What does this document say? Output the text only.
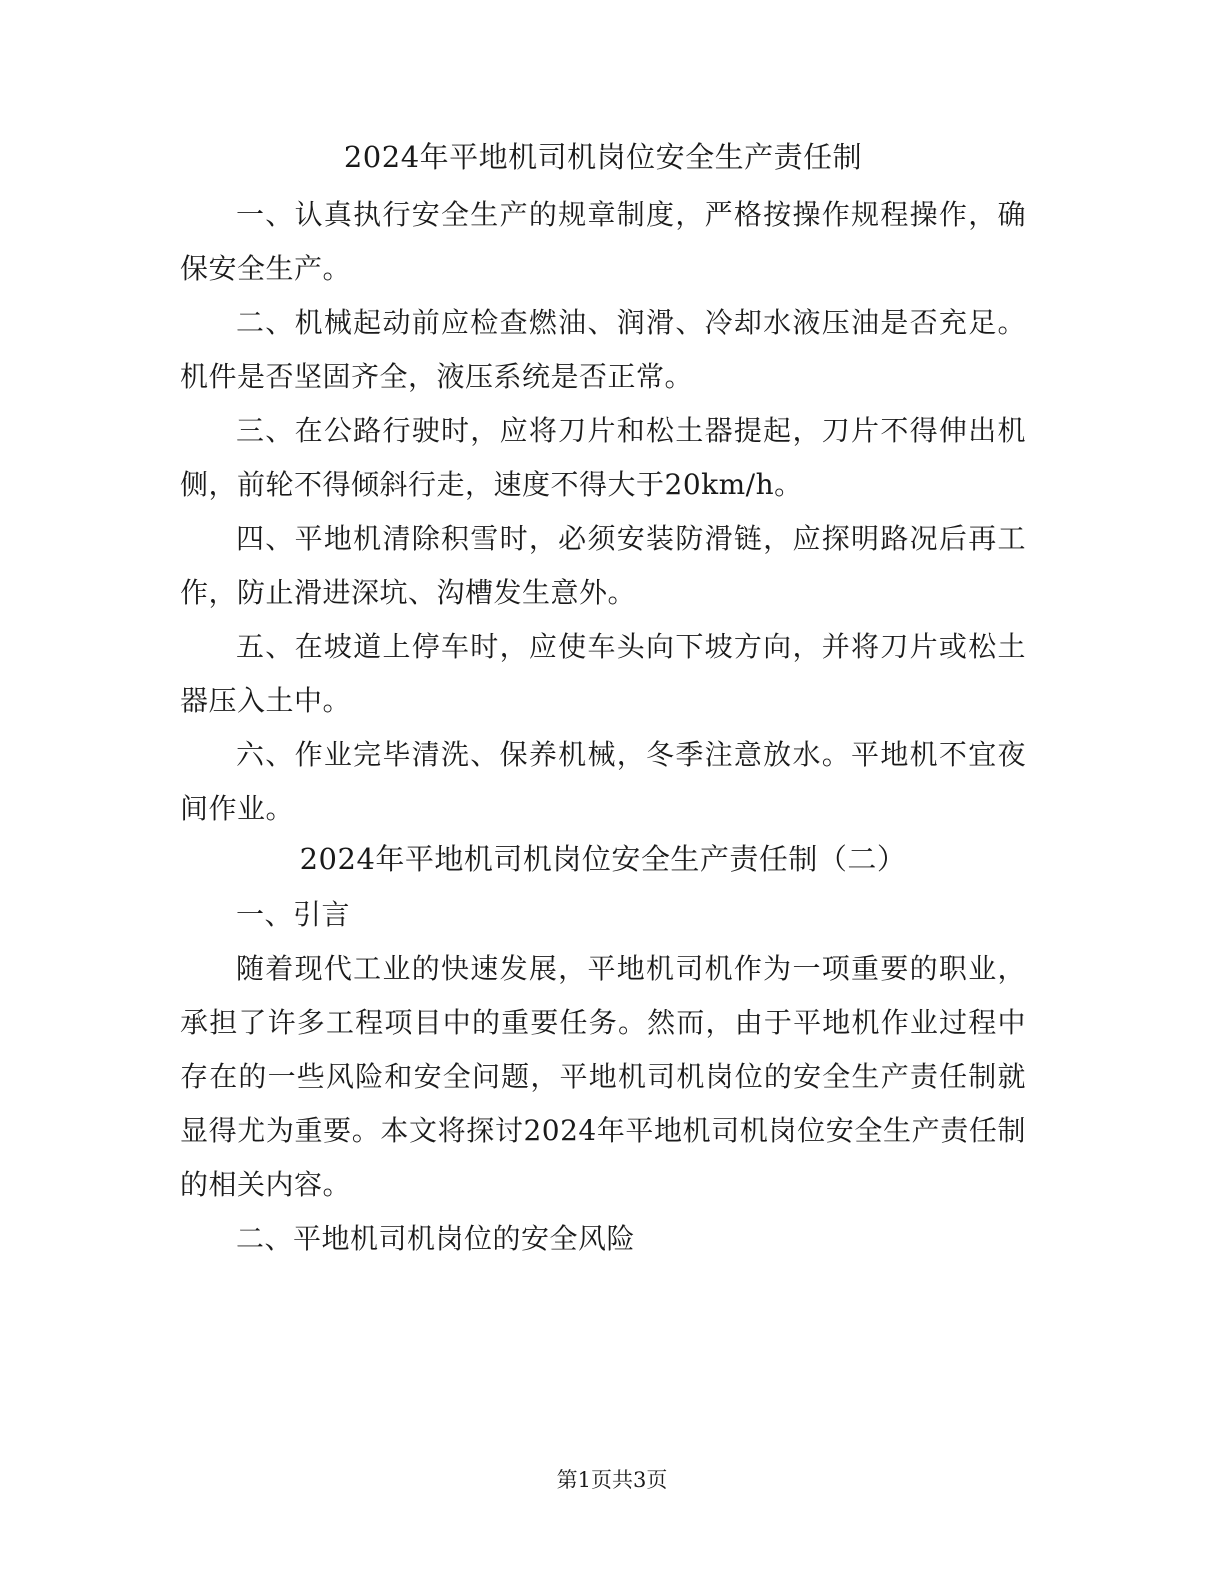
2024年平地机司机岗位安全生产责任制

一、认真执行安全生产的规章制度，严格按操作规程操作，确保安全生产。

二、机械起动前应检查燃油、润滑、冷却水液压油是否充足。机件是否坚固齐全，液压系统是否正常。

三、在公路行驶时，应将刀片和松土器提起，刀片不得伸出机侧，前轮不得倾斜行走，速度不得大于20km/h。

四、平地机清除积雪时，必须安装防滑链，应探明路况后再工作，防止滑进深坑、沟槽发生意外。

五、在坡道上停车时，应使车头向下坡方向，并将刀片或松土器压入土中。

六、作业完毕清洗、保养机械，冬季注意放水。平地机不宜夜间作业。

2024年平地机司机岗位安全生产责任制（二）

一、引言

随着现代工业的快速发展，平地机司机作为一项重要的职业，承担了许多工程项目中的重要任务。然而，由于平地机作业过程中存在的一些风险和安全问题，平地机司机岗位的安全生产责任制就显得尤为重要。本文将探讨2024年平地机司机岗位安全生产责任制的相关内容。

二、平地机司机岗位的安全风险

第1页共3页
